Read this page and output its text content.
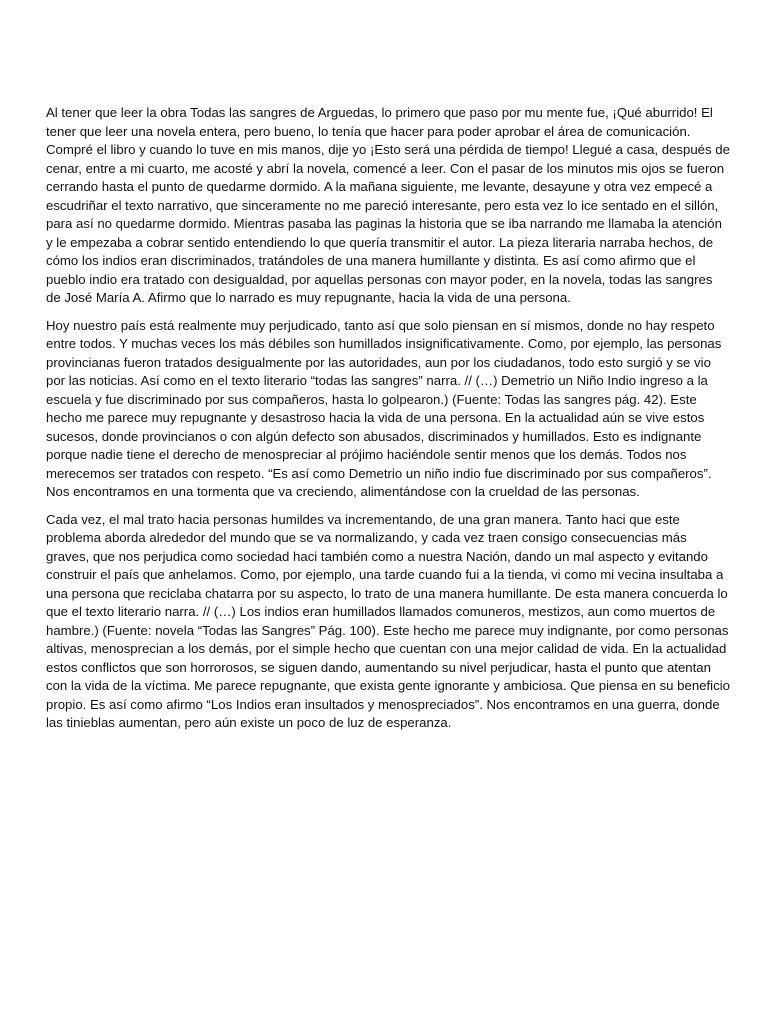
Al tener que leer la obra Todas las sangres de Arguedas, lo primero que paso por mu mente fue, ¡Qué aburrido! El tener que leer una novela entera, pero bueno, lo tenía que hacer para poder aprobar el área de comunicación. Compré el libro y cuando lo tuve en mis manos, dije yo ¡Esto será una pérdida de tiempo! Llegué a casa, después de cenar, entre a mi cuarto, me acosté y abrí la novela, comencé a leer. Con el pasar de los minutos mis ojos se fueron cerrando hasta el punto de quedarme dormido. A la mañana siguiente, me levante, desayune y otra vez empecé a escudriñar el texto narrativo, que sinceramente no me pareció interesante, pero esta vez lo ice sentado en el sillón, para así no quedarme dormido. Mientras pasaba las paginas la historia que se iba narrando me llamaba la atención y le empezaba a cobrar sentido entendiendo lo que quería transmitir el autor. La pieza literaria narraba hechos, de cómo los indios eran discriminados, tratándoles de una manera humillante y distinta. Es así como afirmo que el pueblo indio era tratado con desigualdad, por aquellas personas con mayor poder, en la novela, todas las sangres de José María A. Afirmo que lo narrado es muy repugnante, hacia la vida de una persona.

Hoy nuestro país está realmente muy perjudicado, tanto así que solo piensan en sí mismos, donde no hay respeto entre todos. Y muchas veces los más débiles son humillados insignificativamente. Como, por ejemplo, las personas provincianas fueron tratados desigualmente por las autoridades, aun por los ciudadanos, todo esto surgió y se vio por las noticias. Así como en el texto literario “todas las sangres” narra. // (…) Demetrio un Niño Indio ingreso a la escuela y fue discriminado por sus compañeros, hasta lo golpearon.) (Fuente: Todas las sangres pág. 42). Este hecho me parece muy repugnante y desastroso hacia la vida de una persona. En la actualidad aún se vive estos sucesos, donde provincianos o con algún defecto son abusados, discriminados y humillados. Esto es indignante porque nadie tiene el derecho de menospreciar al prójimo haciéndole sentir menos que los demás. Todos nos merecemos ser tratados con respeto. “Es así como Demetrio un niño indio fue discriminado por sus compañeros”. Nos encontramos en una tormenta que va creciendo, alimentándose con la crueldad de las personas.

Cada vez, el mal trato hacia personas humildes va incrementando, de una gran manera. Tanto haci que este problema aborda alrededor del mundo que se va normalizando, y cada vez traen consigo consecuencias más graves, que nos perjudica como sociedad haci también como a nuestra Nación, dando un mal aspecto y evitando construir el país que anhelamos. Como, por ejemplo, una tarde cuando fui a la tienda, vi como mi vecina insultaba a una persona que reciclaba chatarra por su aspecto, lo trato de una manera humillante. De esta manera concuerda lo que el texto literario narra. // (…) Los indios eran humillados llamados comuneros, mestizos, aun como muertos de hambre.) (Fuente: novela “Todas las Sangres” Pág. 100). Este hecho me parece muy indignante, por como personas altivas, menosprecian a los demás, por el simple hecho que cuentan con una mejor calidad de vida. En la actualidad estos conflictos que son horrorosos, se siguen dando, aumentando su nivel perjudicar, hasta el punto que atentan con la vida de la víctima. Me parece repugnante, que exista gente ignorante y ambiciosa. Que piensa en su beneficio propio. Es así como afirmo “Los Indios eran insultados y menospreciados”. Nos encontramos en una guerra, donde las tinieblas aumentan, pero aún existe un poco de luz de esperanza.
